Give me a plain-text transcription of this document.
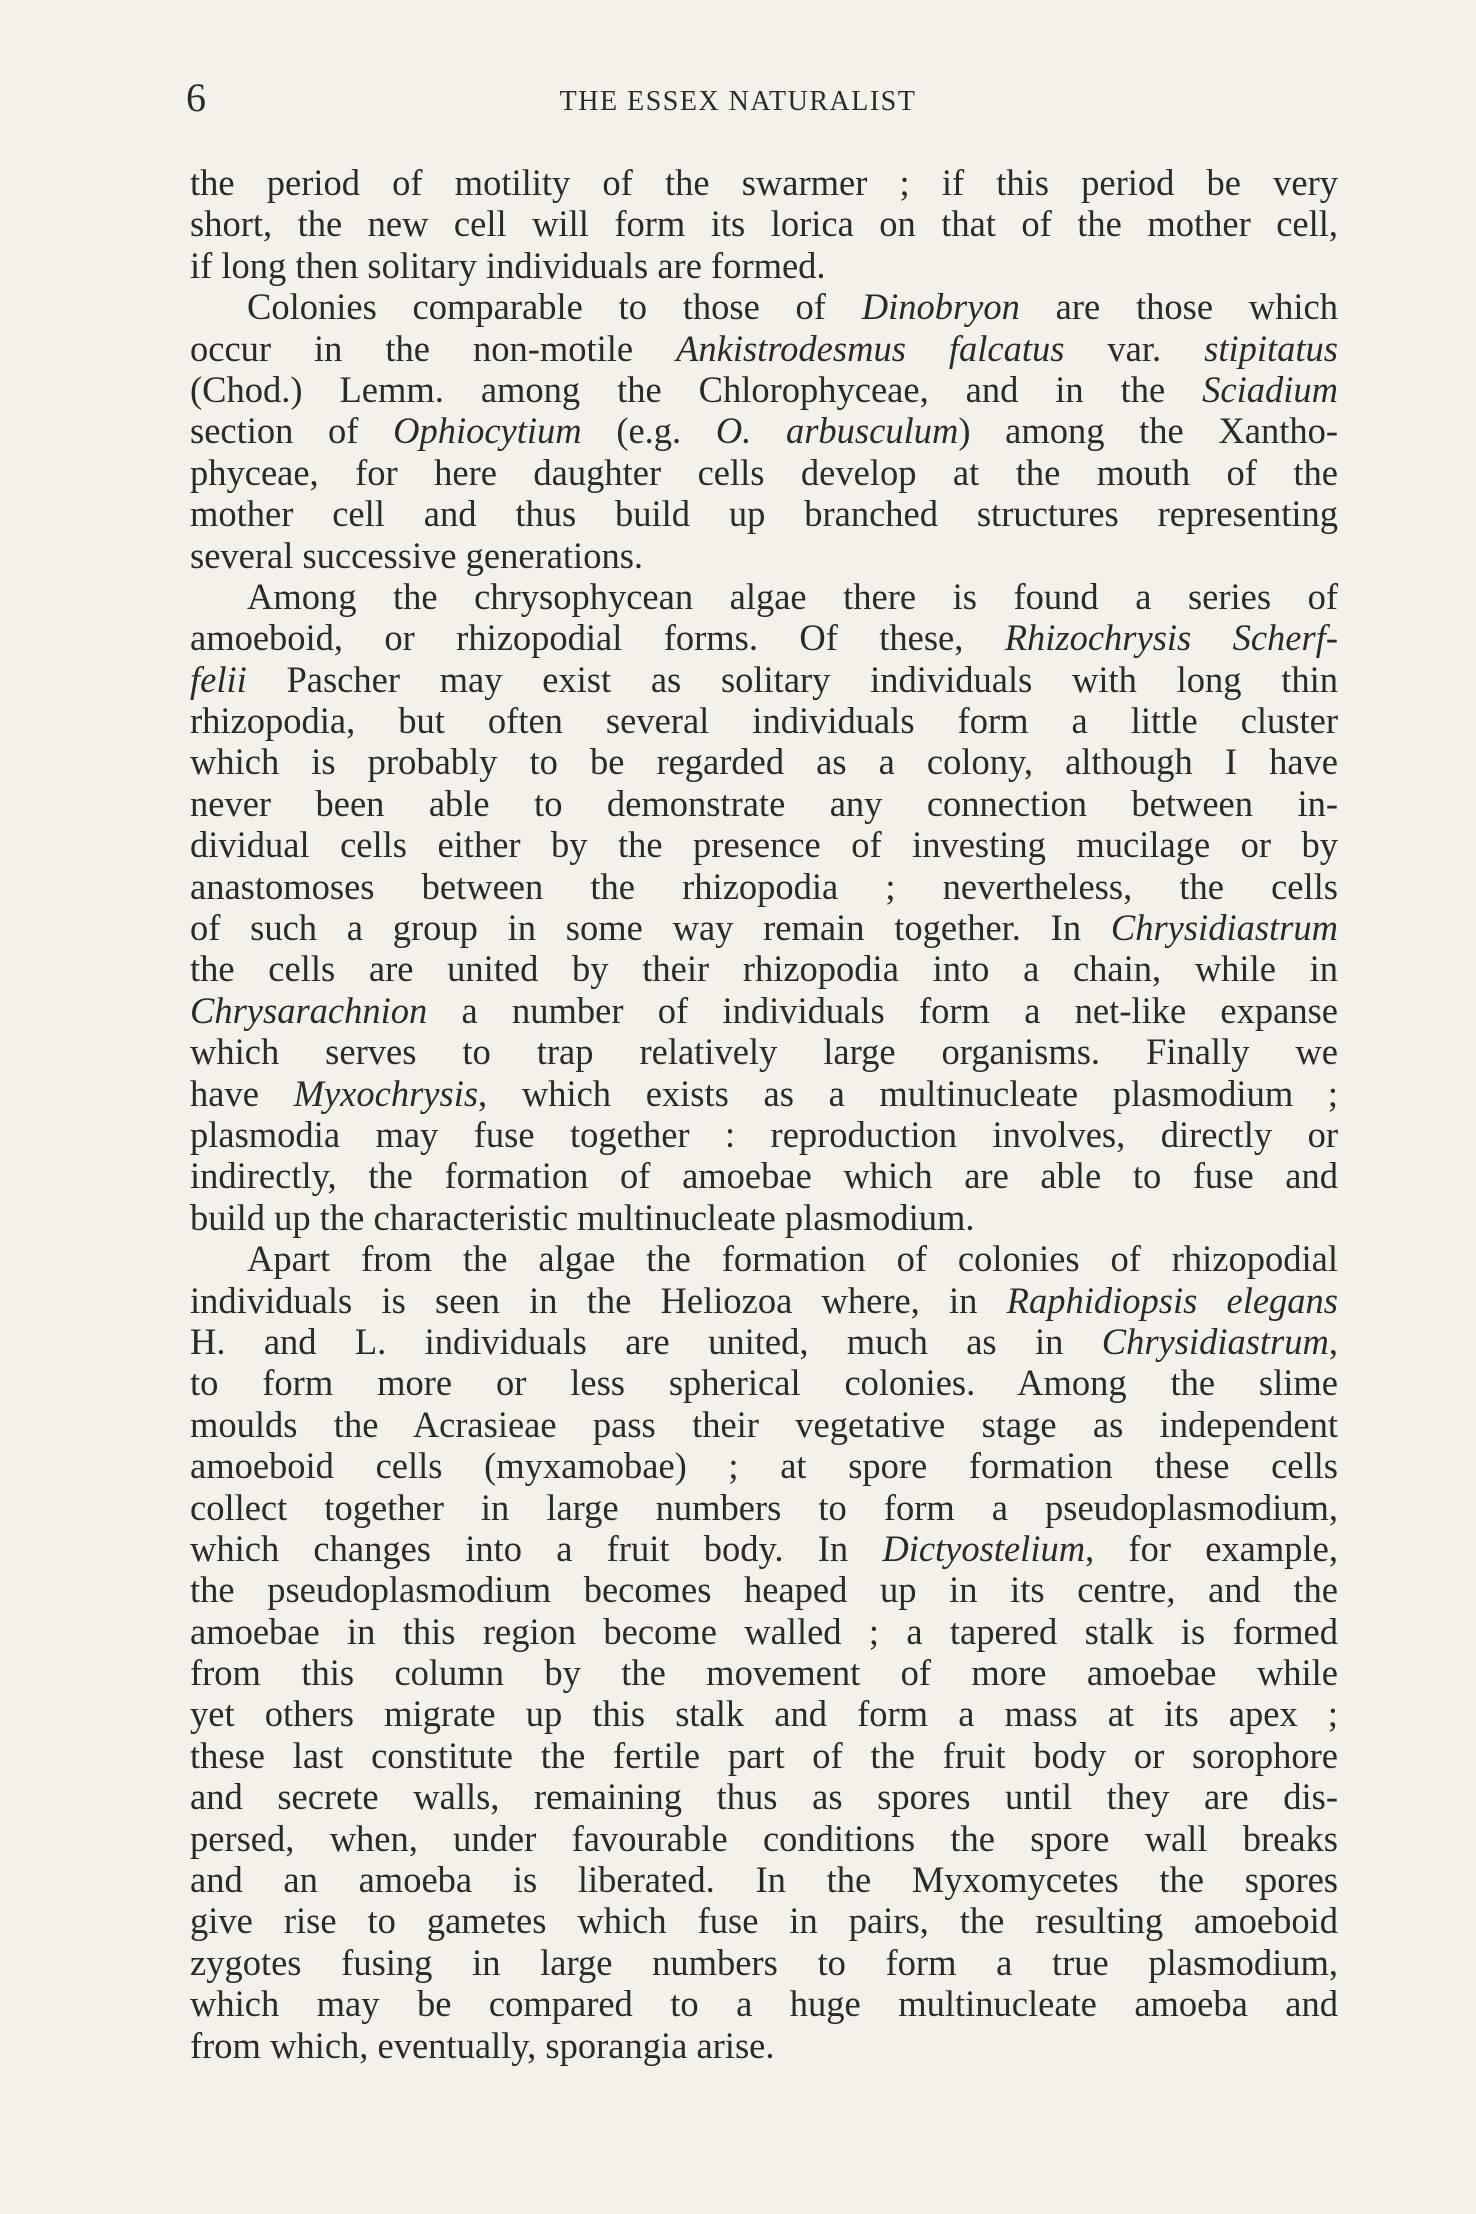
6	THE ESSEX NATURALIST
the period of motility of the swarmer ; if this period be very
short, the new cell will form its lorica on that of the mother cell,
if long then solitary individuals are formed.
Colonies comparable to those of Dinobryon are those which
occur in the non-motile Ankistrodesmus falcatus var. stipitatus
(Chod.) Lemm. among the Chlorophyceae, and in the Sciadium
section of Ophiocytium (e.g. O. arbusculum) among the Xantho-
phyceae, for here daughter cells develop at the mouth of the
mother cell and thus build up branched structures representing
several successive generations.
Among the chrysophycean algae there is found a series of
amoeboid, or rhizopodial forms. Of these, Rhizochrysis Scherf-
felii Pascher may exist as solitary individuals with long thin
rhizopodia, but often several individuals form a little cluster
which is probably to be regarded as a colony, although I have
never been able to demonstrate any connection between in-
dividual cells either by the presence of investing mucilage or by
anastomoses between the rhizopodia ; nevertheless, the cells
of such a group in some way remain together. In Chrysidiastrum
the cells are united by their rhizopodia into a chain, while in
Chrysarachnion a number of individuals form a net-like expanse
which serves to trap relatively large organisms. Finally we
have Myxochrysis, which exists as a multinucleate plasmodium ;
plasmodia may fuse together : reproduction involves, directly or
indirectly, the formation of amoebae which are able to fuse and
build up the characteristic multinucleate plasmodium.
Apart from the algae the formation of colonies of rhizopodial
individuals is seen in the Heliozoa where, in Raphidiopsis elegans
H. and L. individuals are united, much as in Chrysidiastrum,
to form more or less spherical colonies. Among the slime
moulds the Acrasieae pass their vegetative stage as independent
amoeboid cells (myxamobae) ; at spore formation these cells
collect together in large numbers to form a pseudoplasmodium,
which changes into a fruit body. In Dictyostelium, for example,
the pseudoplasmodium becomes heaped up in its centre, and the
amoebae in this region become walled ; a tapered stalk is formed
from this column by the movement of more amoebae while
yet others migrate up this stalk and form a mass at its apex ;
these last constitute the fertile part of the fruit body or sorophore
and secrete walls, remaining thus as spores until they are dis-
persed, when, under favourable conditions the spore wall breaks
and an amoeba is liberated. In the Myxomycetes the spores
give rise to gametes which fuse in pairs, the resulting amoeboid
zygotes fusing in large numbers to form a true plasmodium,
which may be compared to a huge multinucleate amoeba and
from which, eventually, sporangia arise.
